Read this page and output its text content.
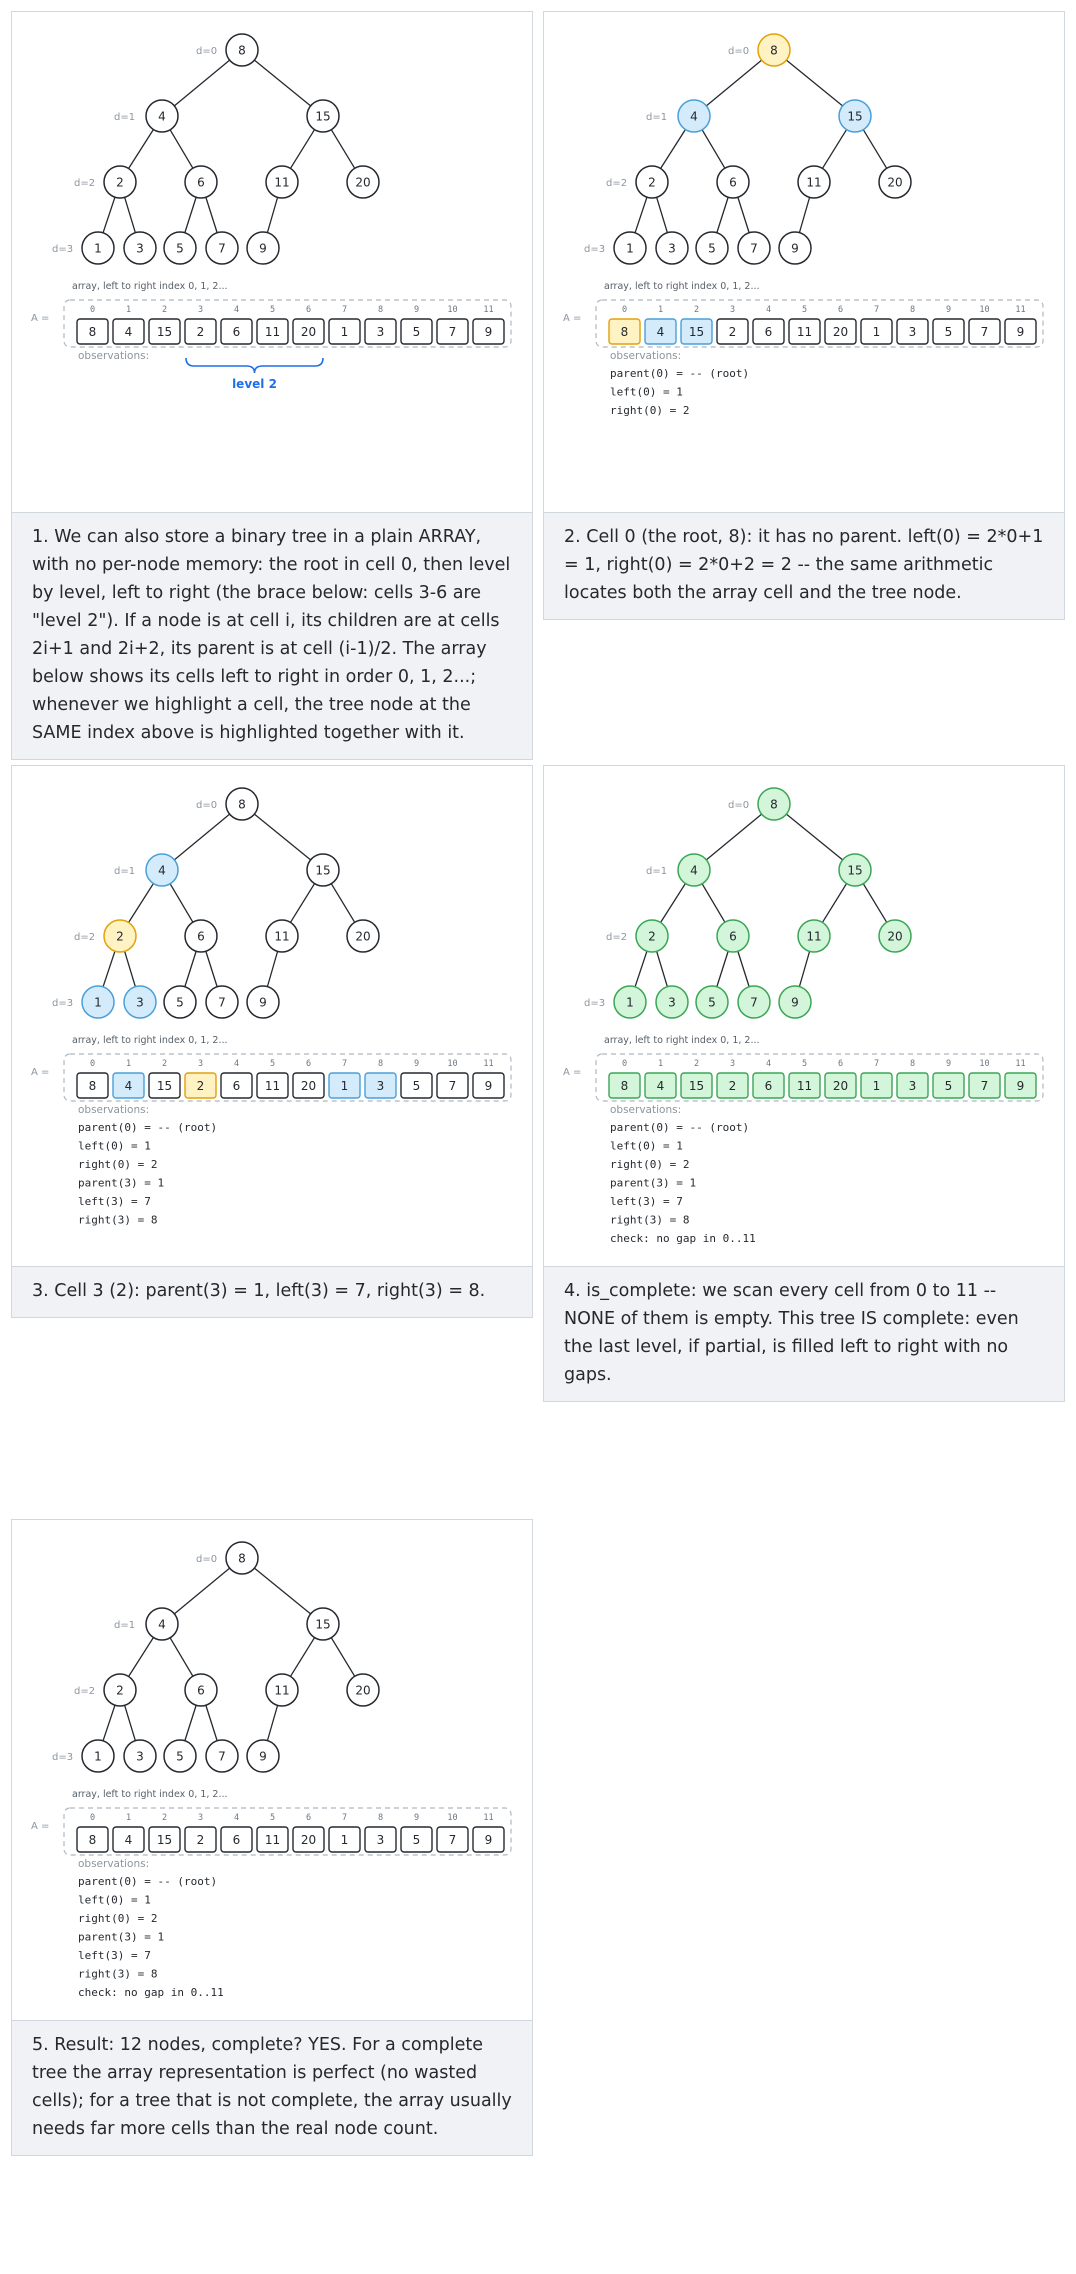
d=0
d=1
d=2
d=3
8
4	15
2	6	11	20
1	3	5	7	9
array, left to right index 0, 1, 2...
A =
0
8
1
4
2
15
3
2
4
6
5
11
6
20
7
1
8
3
9
5
10
7
11
9
observations:
level 2
1. We can also store a binary tree in a plain ARRAY, with no per-node memory: the root in cell 0, then level by level, left to right (the brace below: cells 3-6 are "level 2"). If a node is at cell i, its children are at cells 2i+1 and 2i+2, its parent is at cell (i-1)/2. The array below shows its cells left to right in order 0, 1, 2...; whenever we highlight a cell, the tree node at the SAME index above is highlighted together with it.
d=0
d=1
d=2
d=3
8
4	15
2	6	11	20
1	3	5	7	9
array, left to right index 0, 1, 2...
A =
0
8
1
4
2
15
3
2
4
6
5
11
6
20
7
1
8
3
9
5
10
7
11
9
observations:
parent(0) = -- (root)
left(0) = 1
right(0) = 2
2. Cell 0 (the root, 8): it has no parent. left(0) = 2*0+1 = 1, right(0) = 2*0+2 = 2 -- the same arithmetic locates both the array cell and the tree node.
d=0
d=1
d=2
d=3
8
4	15
2	6	11	20
1	3	5	7	9
array, left to right index 0, 1, 2...
A =
0
8
1
4
2
15
3
2
4
6
5
11
6
20
7
1
8
3
9
5
10
7
11
9
observations:
parent(0) = -- (root)
left(0) = 1
right(0) = 2
parent(3) = 1
left(3) = 7
right(3) = 8
3. Cell 3 (2): parent(3) = 1, left(3) = 7, right(3) = 8.
d=0
d=1
d=2
d=3
8
4	15
2	6	11	20
1	3	5	7	9
array, left to right index 0, 1, 2...
A =
0
8
1
4
2
15
3
2
4
6
5
11
6
20
7
1
8
3
9
5
10
7
11
9
observations:
parent(0) = -- (root)
left(0) = 1
right(0) = 2
parent(3) = 1
left(3) = 7
right(3) = 8
check: no gap in 0..11
4. is_complete: we scan every cell from 0 to 11 -- NONE of them is empty. This tree IS complete: even the last level, if partial, is filled left to right with no gaps.
d=0
d=1
d=2
d=3
8
4	15
2	6	11	20
1	3	5	7	9
array, left to right index 0, 1, 2...
A =
0
8
1
4
2
15
3
2
4
6
5
11
6
20
7
1
8
3
9
5
10
7
11
9
observations:
parent(0) = -- (root)
left(0) = 1
right(0) = 2
parent(3) = 1
left(3) = 7
right(3) = 8
check: no gap in 0..11
5. Result: 12 nodes, complete? YES. For a complete tree the array representation is perfect (no wasted cells); for a tree that is not complete, the array usually needs far more cells than the real node count.
